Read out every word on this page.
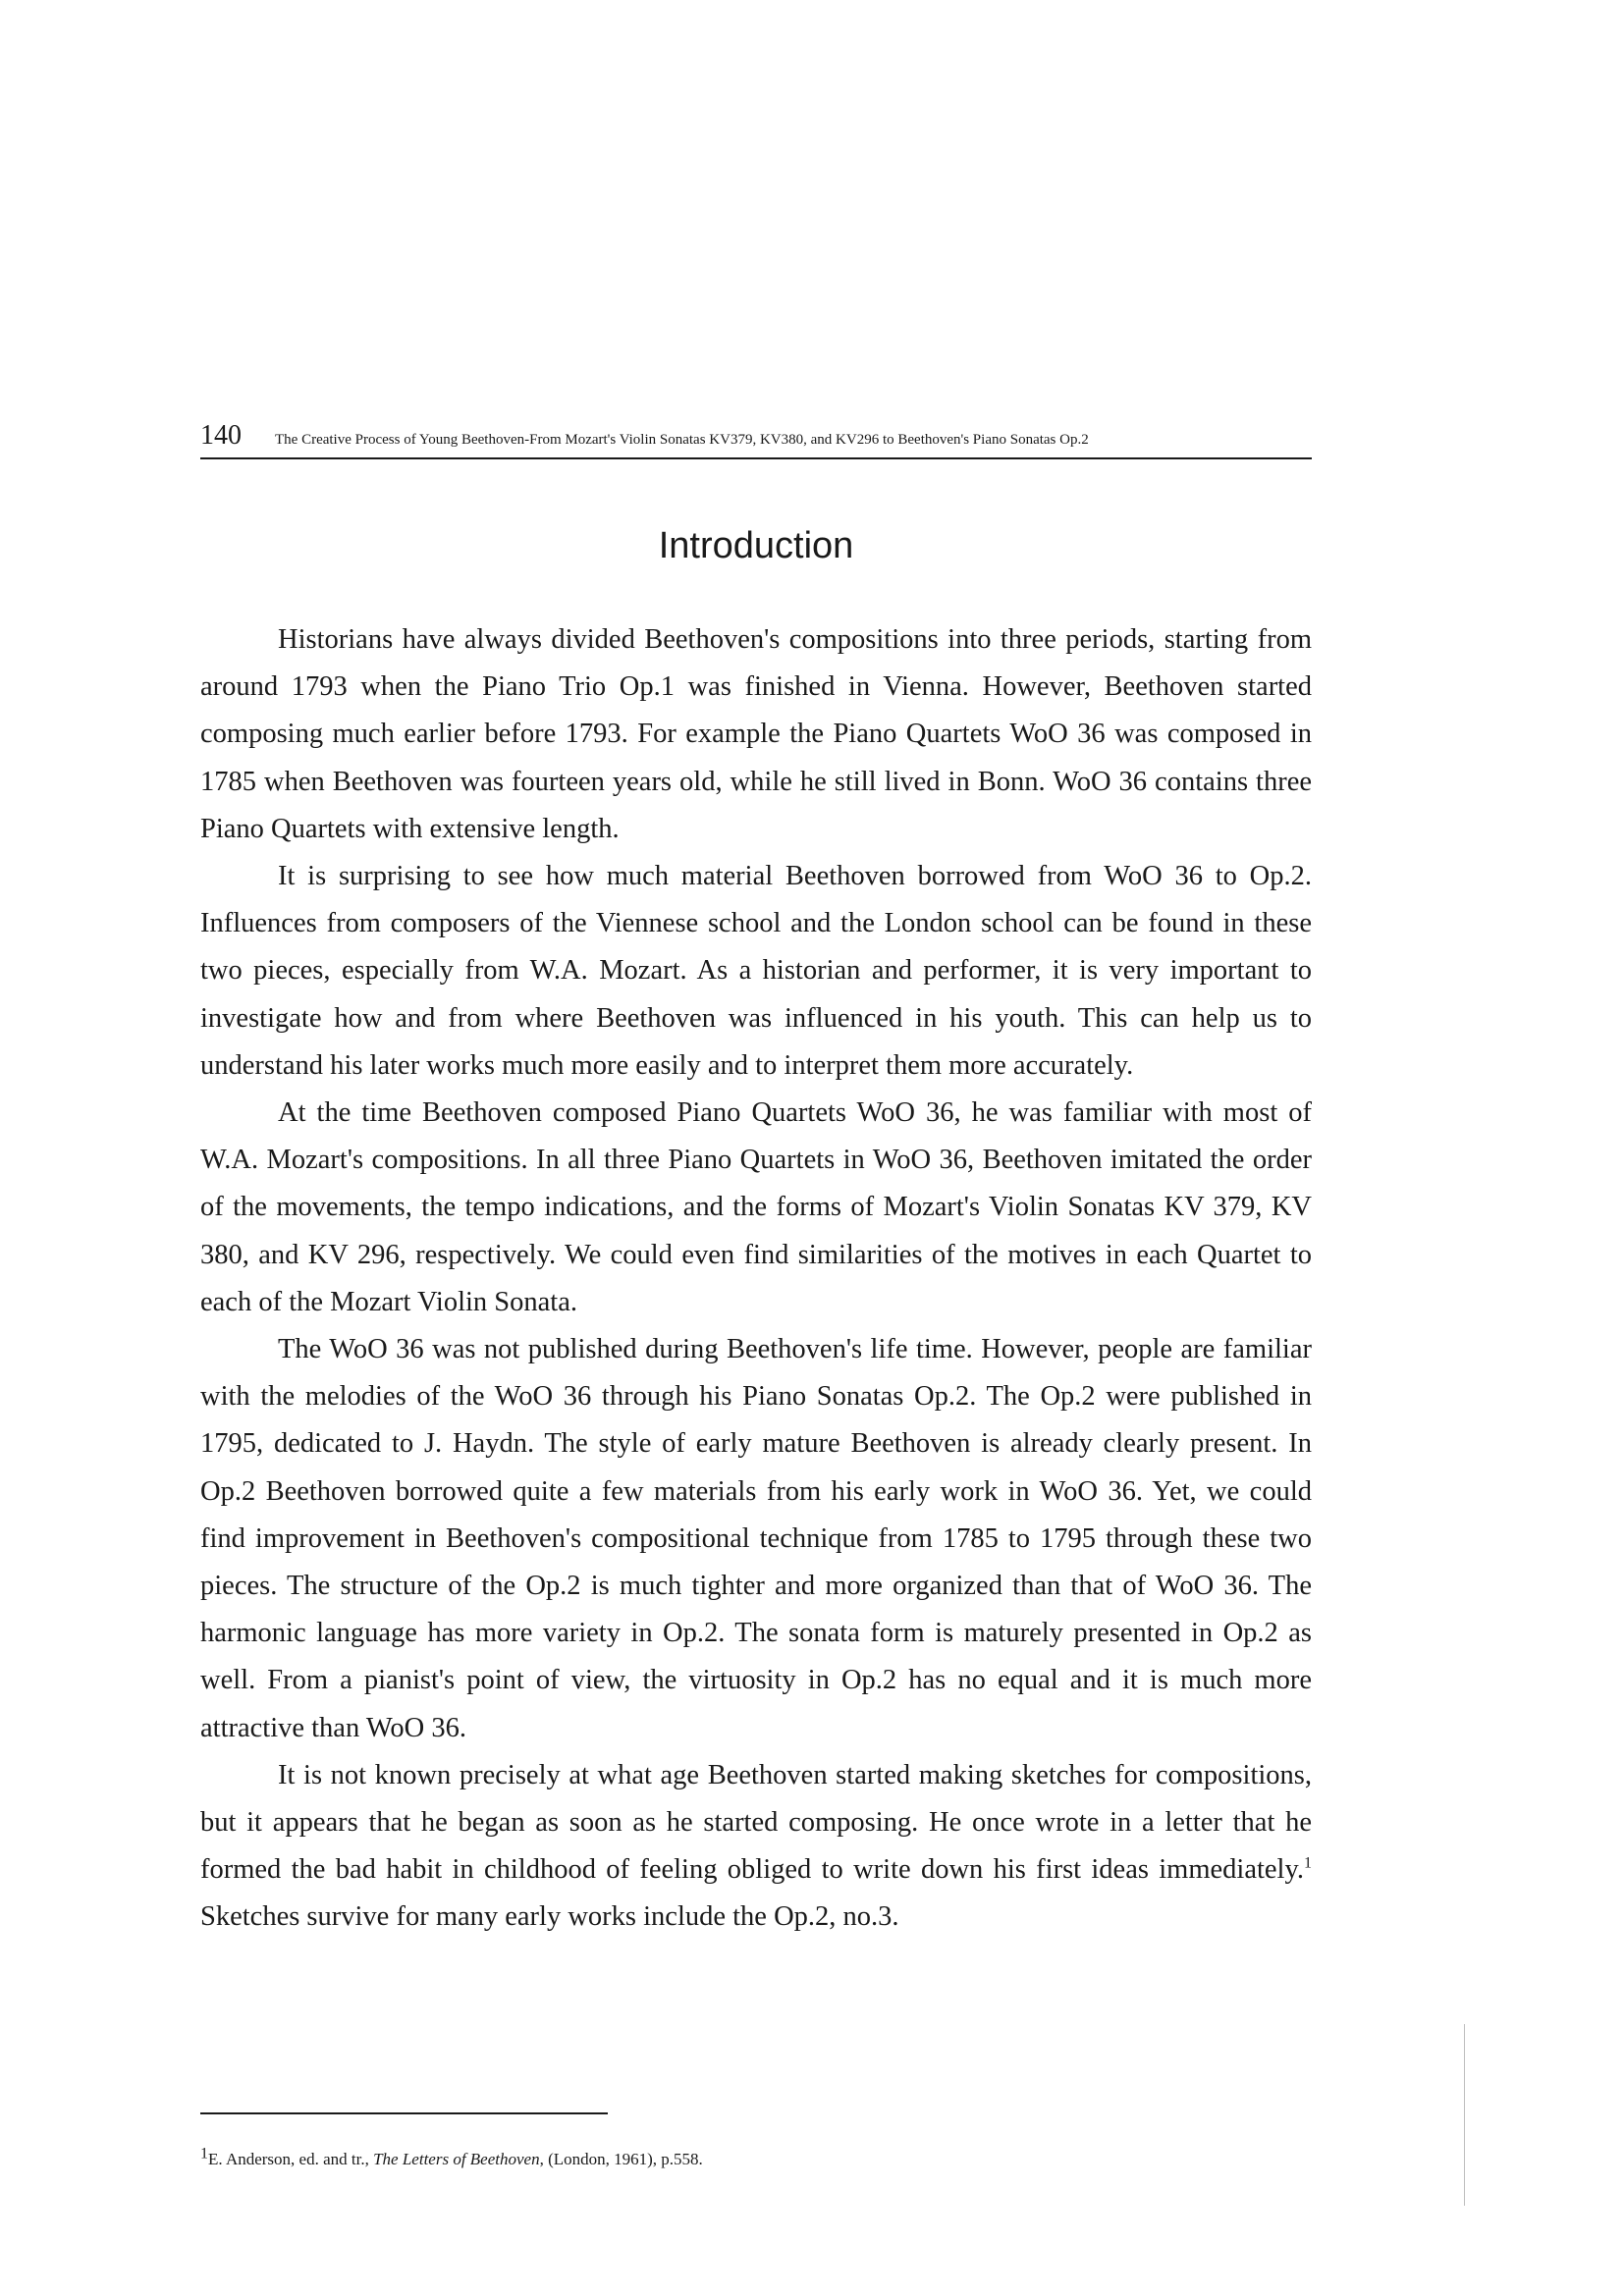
140 The Creative Process of Young Beethoven-From Mozart's Violin Sonatas KV379, KV380, and KV296 to Beethoven's Piano Sonatas Op.2
Introduction

Historians have always divided Beethoven's compositions into three periods, starting from around 1793 when the Piano Trio Op.1 was finished in Vienna. However, Beethoven started composing much earlier before 1793. For example the Piano Quartets WoO 36 was composed in 1785 when Beethoven was fourteen years old, while he still lived in Bonn. WoO 36 contains three Piano Quartets with extensive length.

It is surprising to see how much material Beethoven borrowed from WoO 36 to Op.2. Influences from composers of the Viennese school and the London school can be found in these two pieces, especially from W.A. Mozart. As a historian and performer, it is very important to investigate how and from where Beethoven was influenced in his youth. This can help us to understand his later works much more easily and to interpret them more accurately.

At the time Beethoven composed Piano Quartets WoO 36, he was familiar with most of W.A. Mozart's compositions. In all three Piano Quartets in WoO 36, Beethoven imitated the order of the movements, the tempo indications, and the forms of Mozart's Violin Sonatas KV 379, KV 380, and KV 296, respectively. We could even find similarities of the motives in each Quartet to each of the Mozart Violin Sonata.

The WoO 36 was not published during Beethoven's life time. However, people are familiar with the melodies of the WoO 36 through his Piano Sonatas Op.2. The Op.2 were published in 1795, dedicated to J. Haydn. The style of early mature Beethoven is already clearly present. In Op.2 Beethoven borrowed quite a few materials from his early work in WoO 36. Yet, we could find improvement in Beethoven's compositional technique from 1785 to 1795 through these two pieces. The structure of the Op.2 is much tighter and more organized than that of WoO 36. The harmonic language has more variety in Op.2. The sonata form is maturely presented in Op.2 as well. From a pianist's point of view, the virtuosity in Op.2 has no equal and it is much more attractive than WoO 36.

It is not known precisely at what age Beethoven started making sketches for compositions, but it appears that he began as soon as he started composing. He once wrote in a letter that he formed the bad habit in childhood of feeling obliged to write down his first ideas immediately.$^1$ Sketches survive for many early works include the Op.2, no.3.

$^1$E. Anderson, ed. and tr., The Letters of Beethoven, (London, 1961), p.558.
